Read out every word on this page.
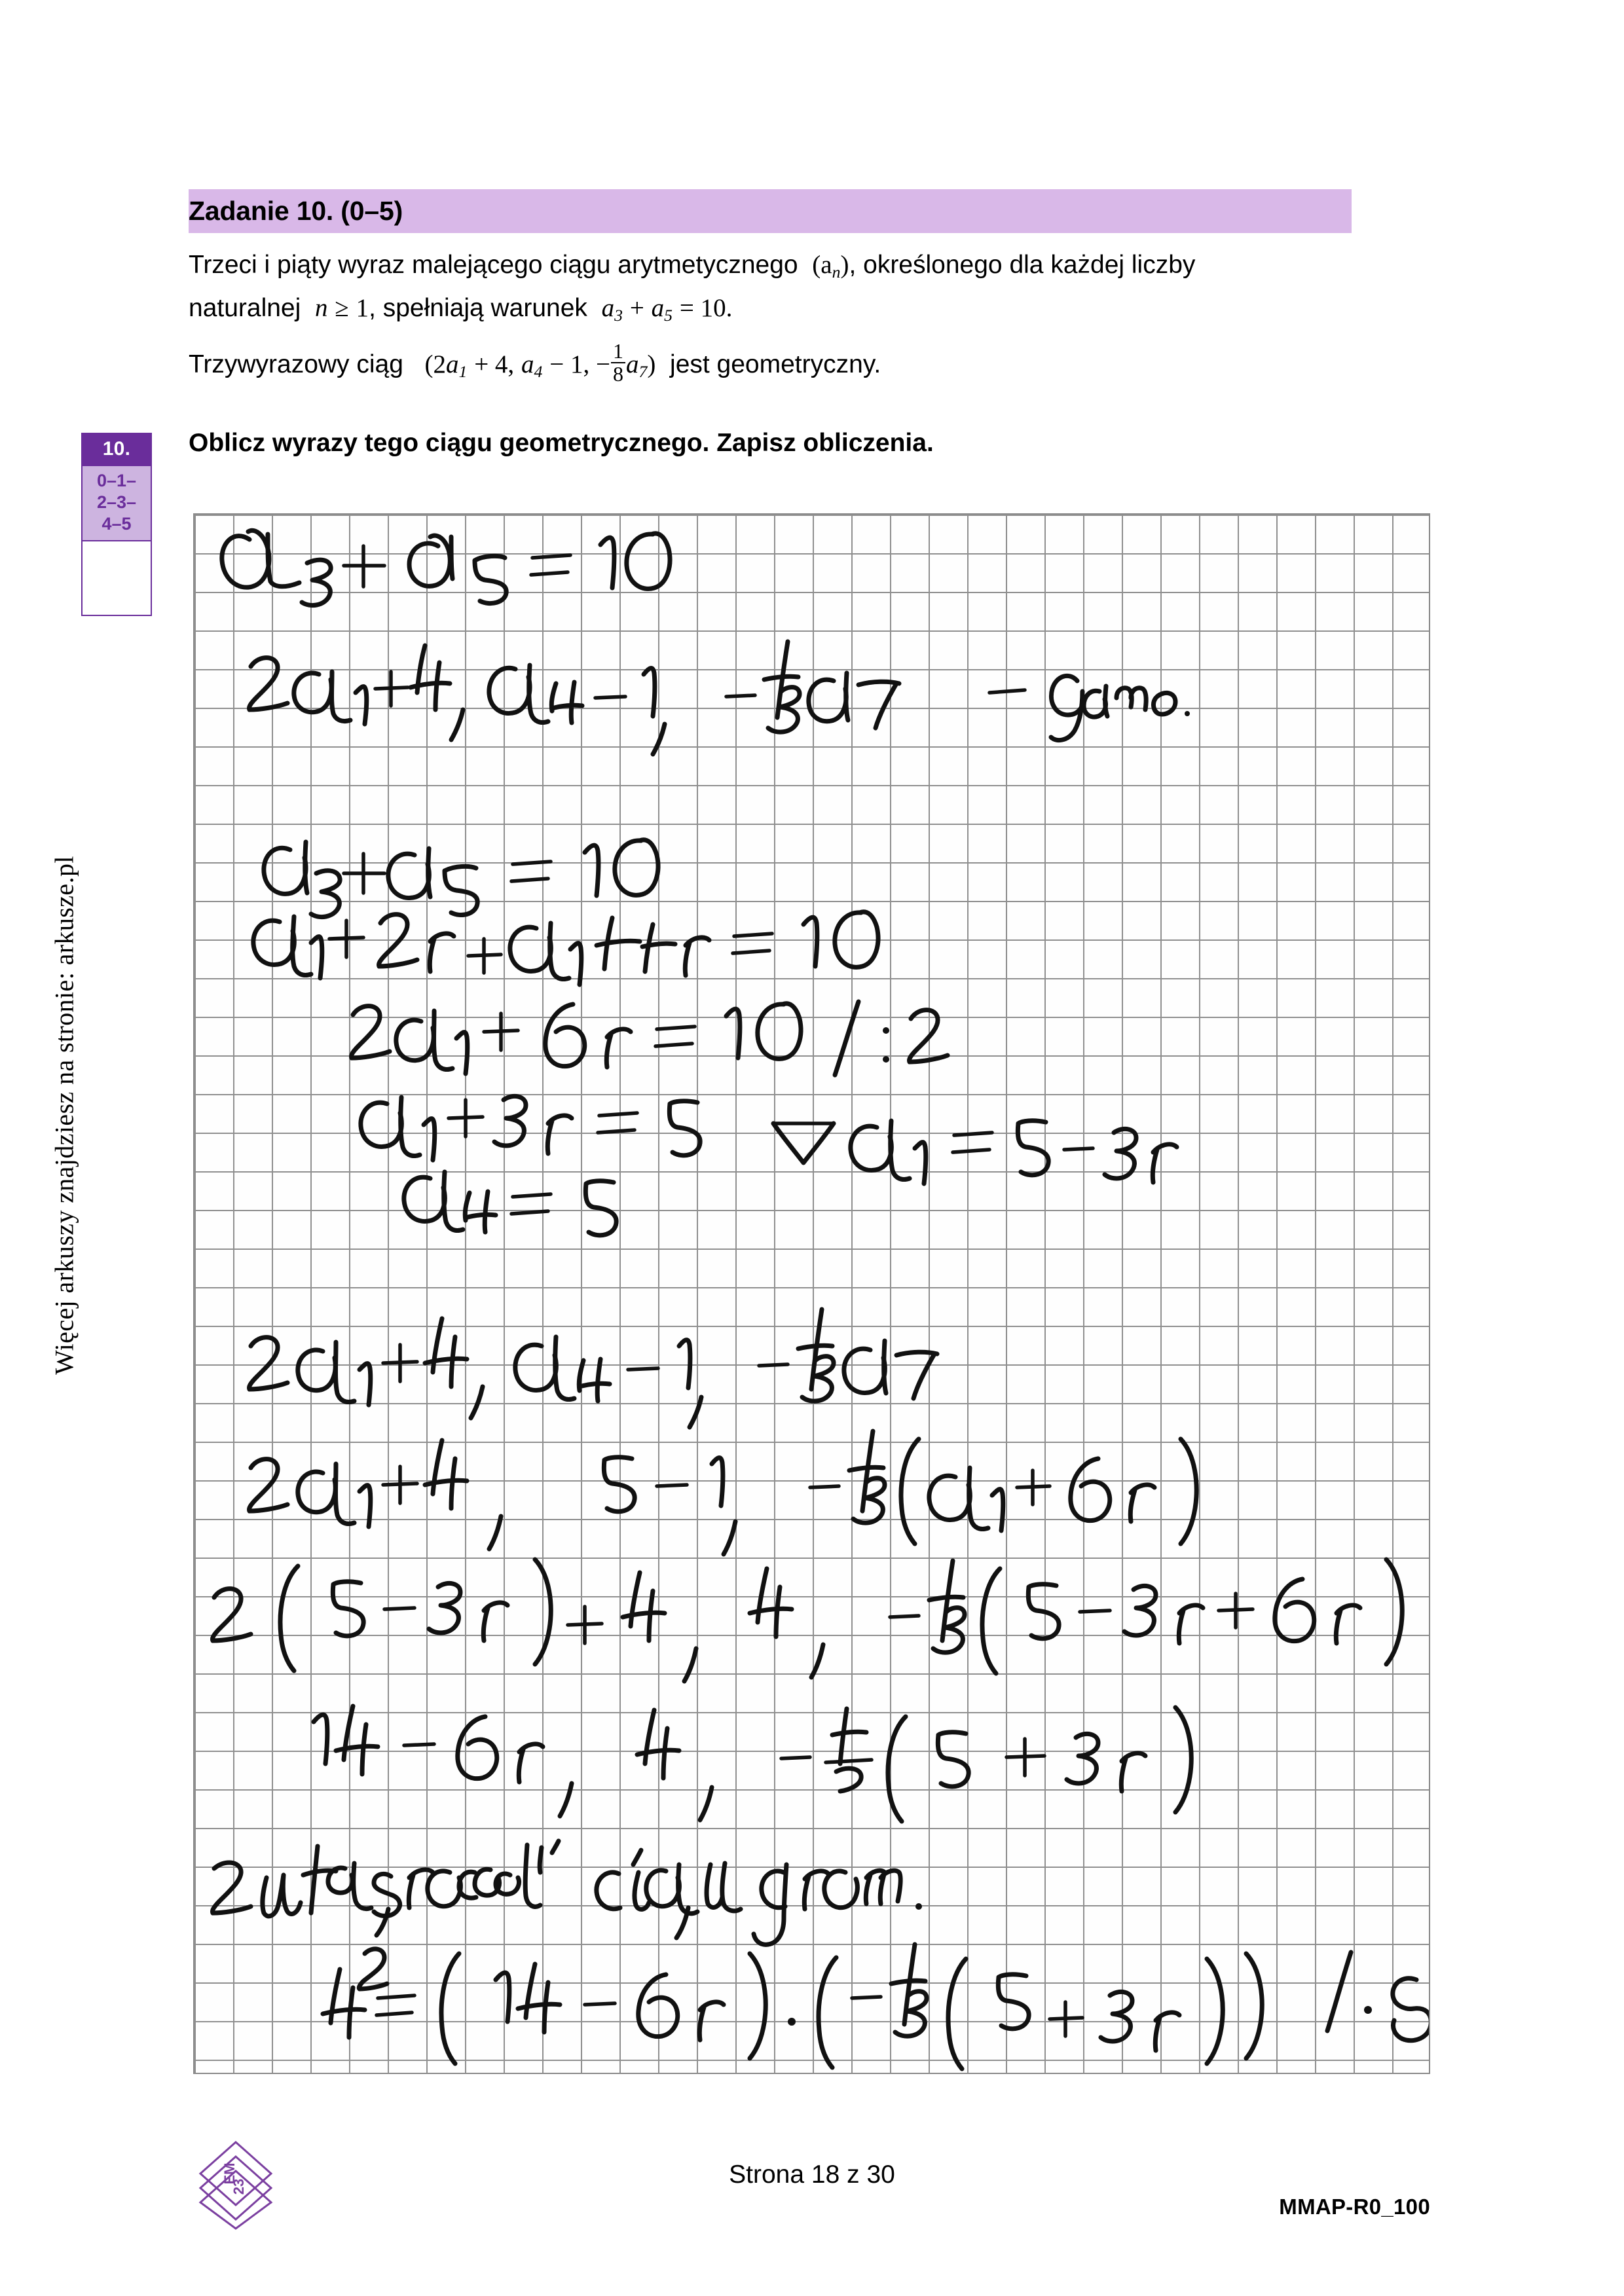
Więcej arkuszy znajdziesz na stronie: arkusze.pl
Zadanie 10. (0–5)
Trzeci i piąty wyraz malejącego ciągu arytmetycznego $(a_n)$, określonego dla każdej liczby
naturalnej n ≥ 1, spełniają warunek $a_3 + a_5 = 10$.
Trzywyrazowy ciąg ($2a_1 + 4$, $a_4 - 1$, − $\frac{1}{8} a_7$) jest geometryczny.
Oblicz wyrazy tego ciągu geometrycznego. Zapisz obliczenia.
10.
0–1–
2–3–
4–5
EM
23	Strona 18 z 30
MMAP-R0_100
